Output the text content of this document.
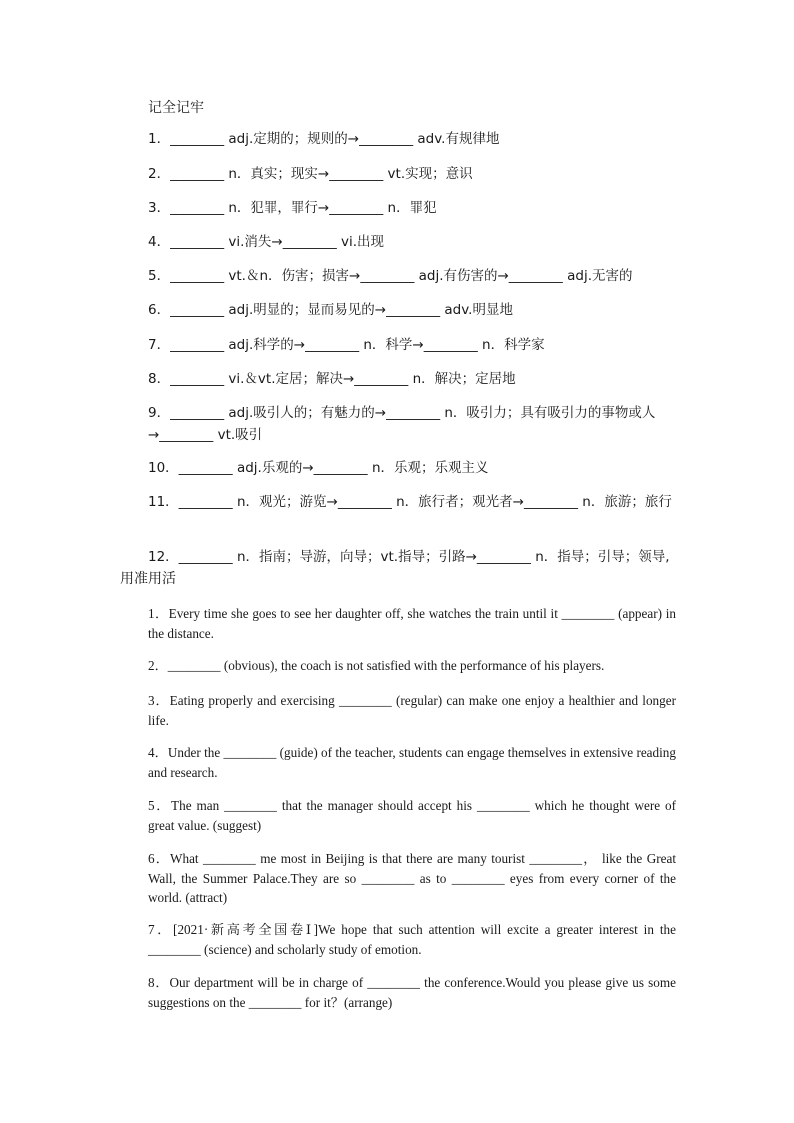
记全记牢
1．________ adj.定期的；规则的→________ adv.有规律地
2．________ n．真实；现实→________ vt.实现；意识
3．________ n．犯罪，罪行→________ n．罪犯
4．________ vi.消失→________ vi.出现
5．________ vt.＆n．伤害；损害→________ adj.有伤害的→________ adj.无害的
6．________ adj.明显的；显而易见的→________ adv.明显地
7．________ adj.科学的→________ n．科学→________ n．科学家
8．________ vi.＆vt.定居；解决→________ n．解决；定居地
9．________ adj.吸引人的；有魅力的→________ n．吸引力；具有吸引力的事物或人→________ vt.吸引
10．________ adj.乐观的→________ n．乐观；乐观主义
11．________ n．观光；游览→________ n．旅行者；观光者→________ n．旅游；旅行
12．________ n．指南；导游，向导；vt.指导；引路→________ n．指导；引导；领导,
用准用活
1．Every time she goes to see her daughter off, she watches the train until it ________ (appear) in the distance.
2．________ (obvious), the coach is not satisfied with the performance of his players.
3．Eating properly and exercising ________ (regular) can make one enjoy a healthier and longer life.
4．Under the ________ (guide) of the teacher, students can engage themselves in extensive reading and research.
5．The man ________ that the manager should accept his ________ which he thought were of great value. (suggest)
6．What ________ me most in Beijing is that there are many tourist ________， like the Great Wall, the Summer Palace.They are so ________ as to ________ eyes from every corner of the world. (attract)
7．[2021·新高考全国卷Ⅰ]We hope that such attention will excite a greater interest in the ________ (science) and scholarly study of emotion.
8．Our department will be in charge of ________ the conference.Would you please give us some suggestions on the ________ for it？(arrange)
